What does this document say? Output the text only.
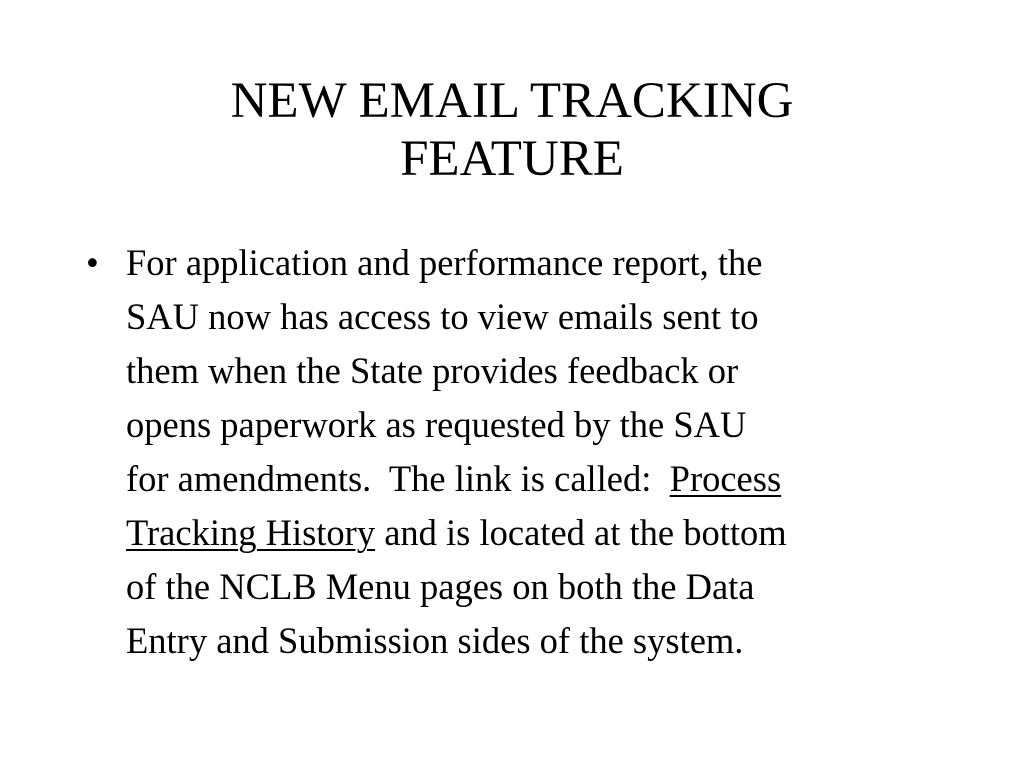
NEW EMAIL TRACKING
FEATURE
• For application and performance report, the
SAU now has access to view emails sent to
them when the State provides feedback or
opens paperwork as requested by the SAU
for amendments.  The link is called:  Process
Tracking History and is located at the bottom
of the NCLB Menu pages on both the Data
Entry and Submission sides of the system.
